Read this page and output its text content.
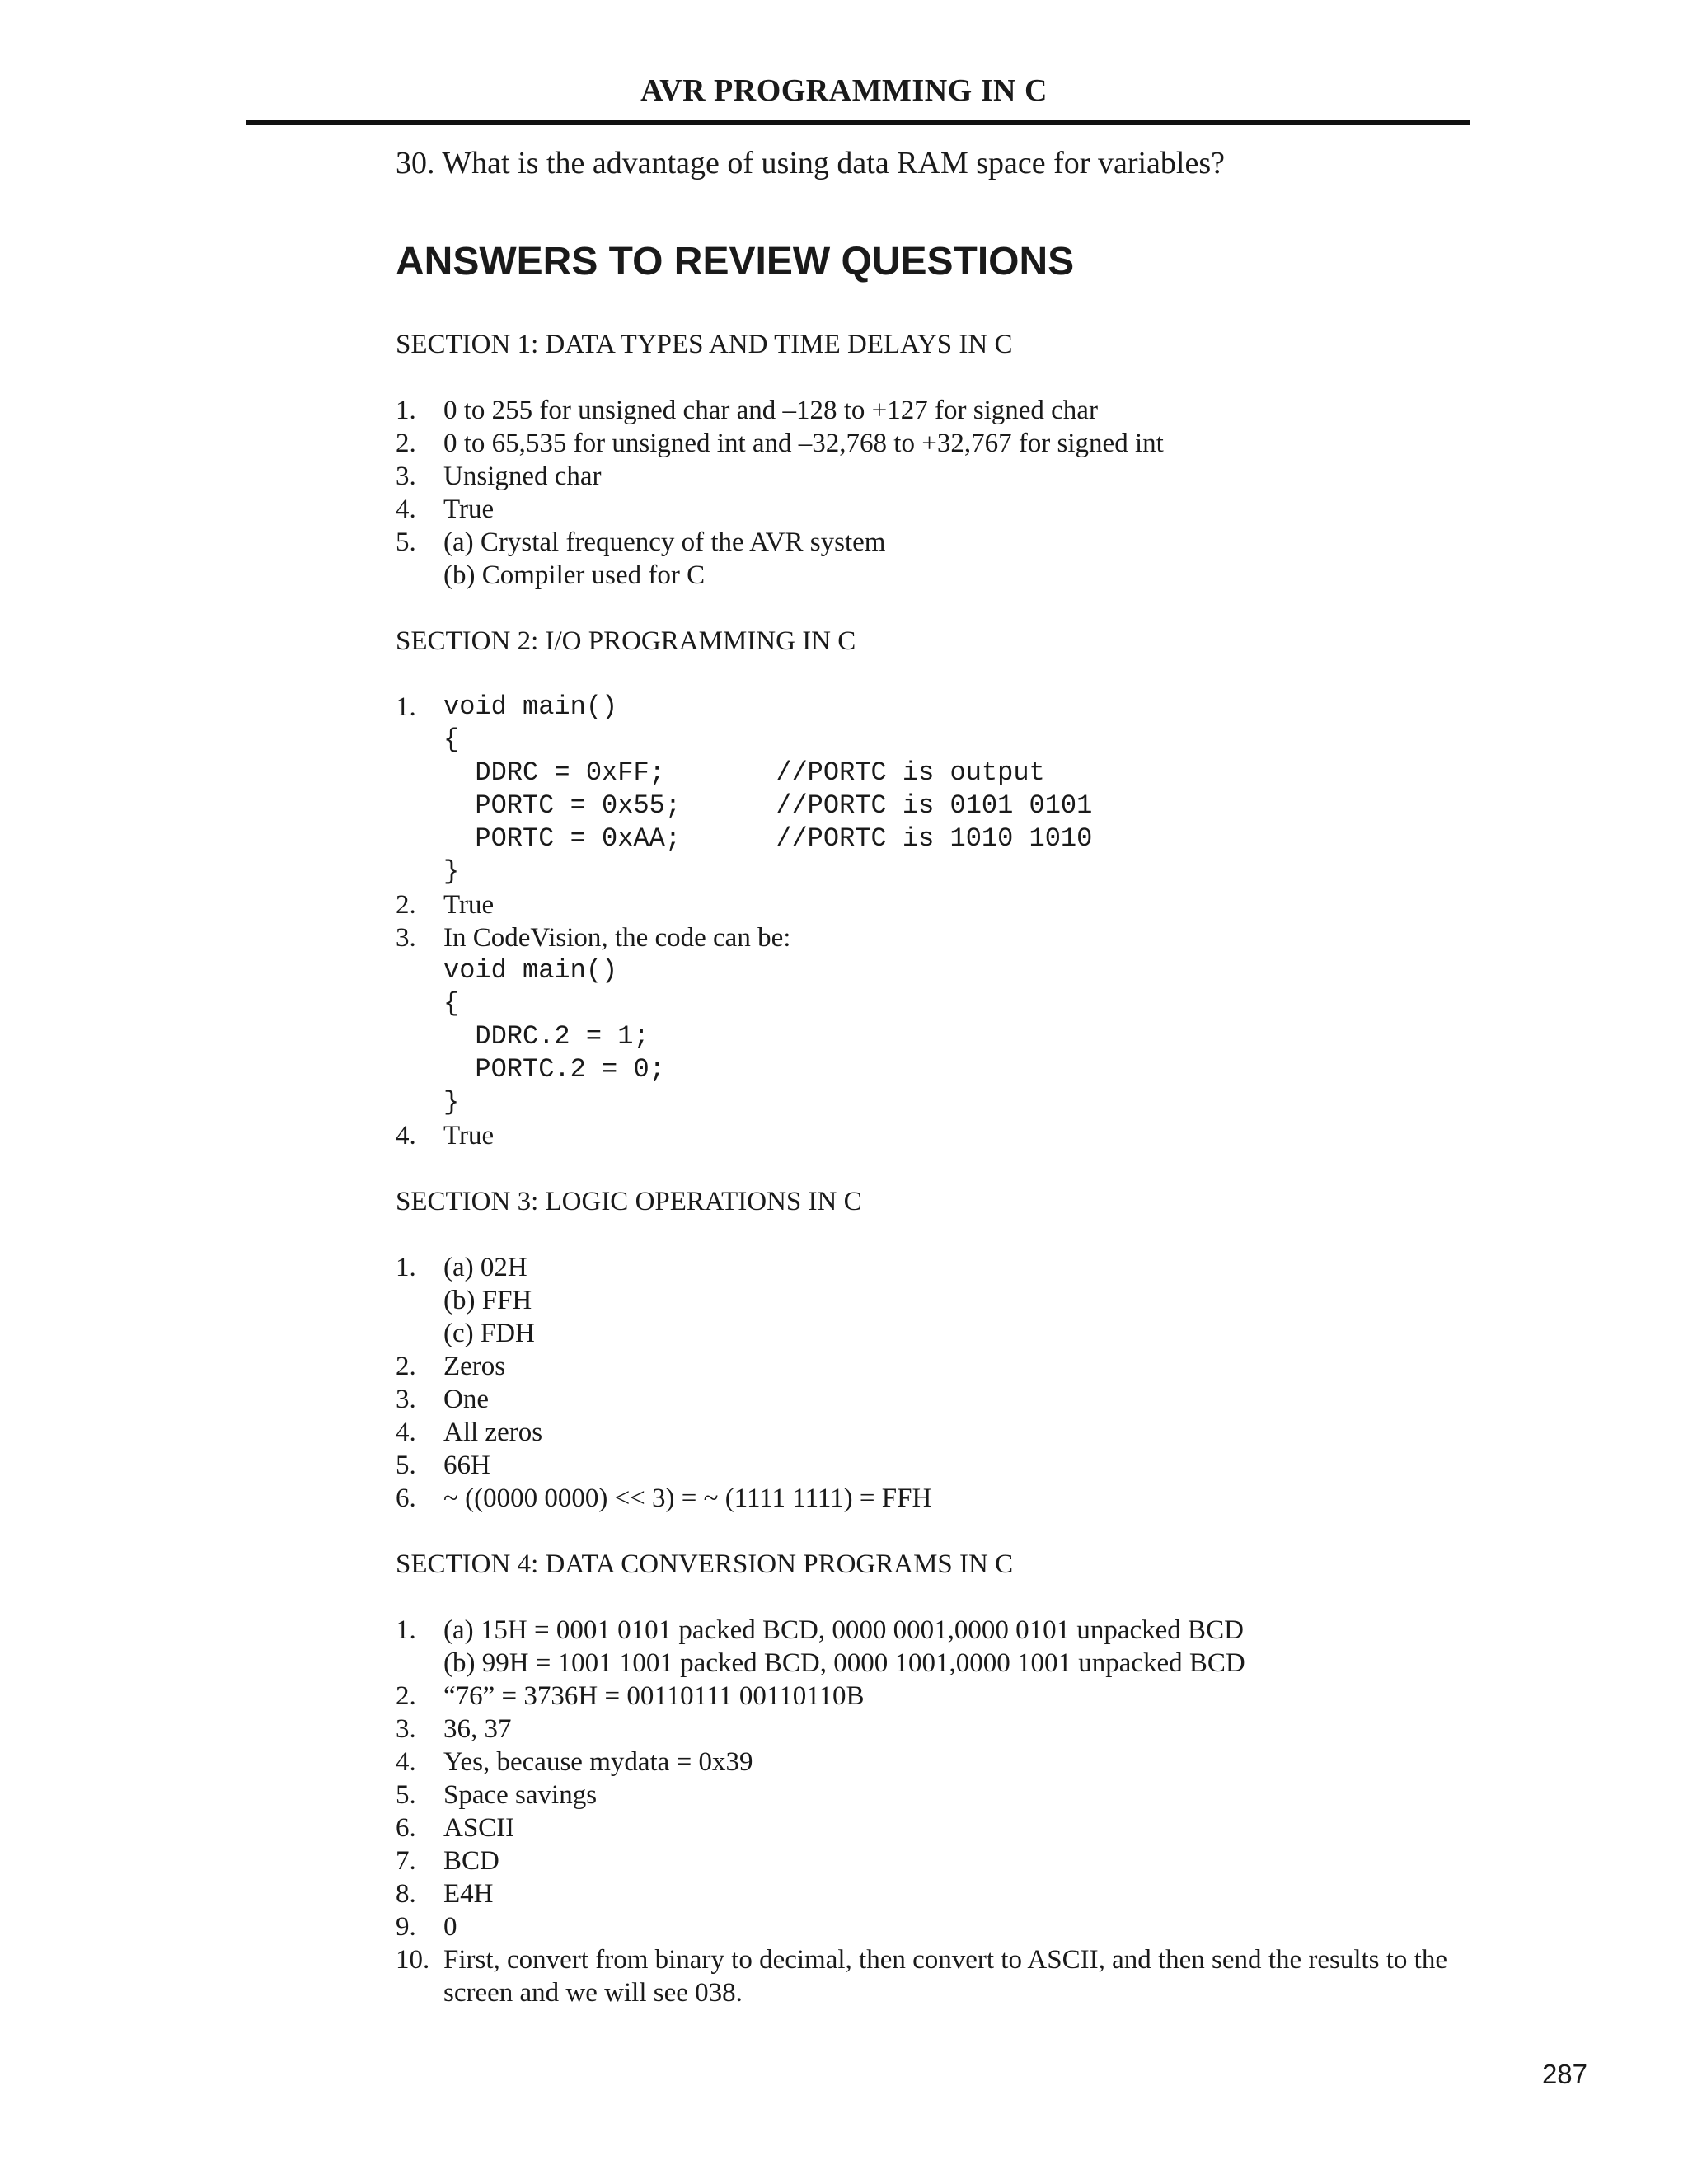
AVR PROGRAMMING IN C

30. What is the advantage of using data RAM space for variables?

ANSWERS TO REVIEW QUESTIONS

SECTION 1: DATA TYPES AND TIME DELAYS IN C

1.	0 to 255 for unsigned char and –128 to +127 for signed char
2.	0 to 65,535 for unsigned int and –32,768 to +32,767 for signed int
3.	Unsigned char
4.	True
5.	(a) Crystal frequency of the AVR system
(b) Compiler used for C

SECTION 2: I/O PROGRAMMING IN C

1.	void main()
{
DDRC = 0xFF;       //PORTC is output
PORTC = 0x55;      //PORTC is 0101 0101
PORTC = 0xAA;      //PORTC is 1010 1010
}
2.	True
3.	In CodeVision, the code can be:
void main()
{
DDRC.2 = 1;
PORTC.2 = 0;
}
4.	True

SECTION 3: LOGIC OPERATIONS IN C

1.	(a) 02H
(b) FFH
(c) FDH
2.	Zeros
3.	One
4.	All zeros
5.	66H
6.	~ ((0000 0000) << 3) = ~ (1111 1111) = FFH

SECTION 4: DATA CONVERSION PROGRAMS IN C

1.	(a) 15H = 0001 0101 packed BCD, 0000 0001,0000 0101 unpacked BCD
(b) 99H = 1001 1001 packed BCD, 0000 1001,0000 1001 unpacked BCD
2.	“76” = 3736H = 00110111 00110110B
3.	36, 37
4.	Yes, because mydata = 0x39
5.	Space savings
6.	ASCII
7.	BCD
8.	E4H
9.	0
10. First, convert from binary to decimal, then convert to ASCII, and then send the results to the
screen and we will see 038.
287
